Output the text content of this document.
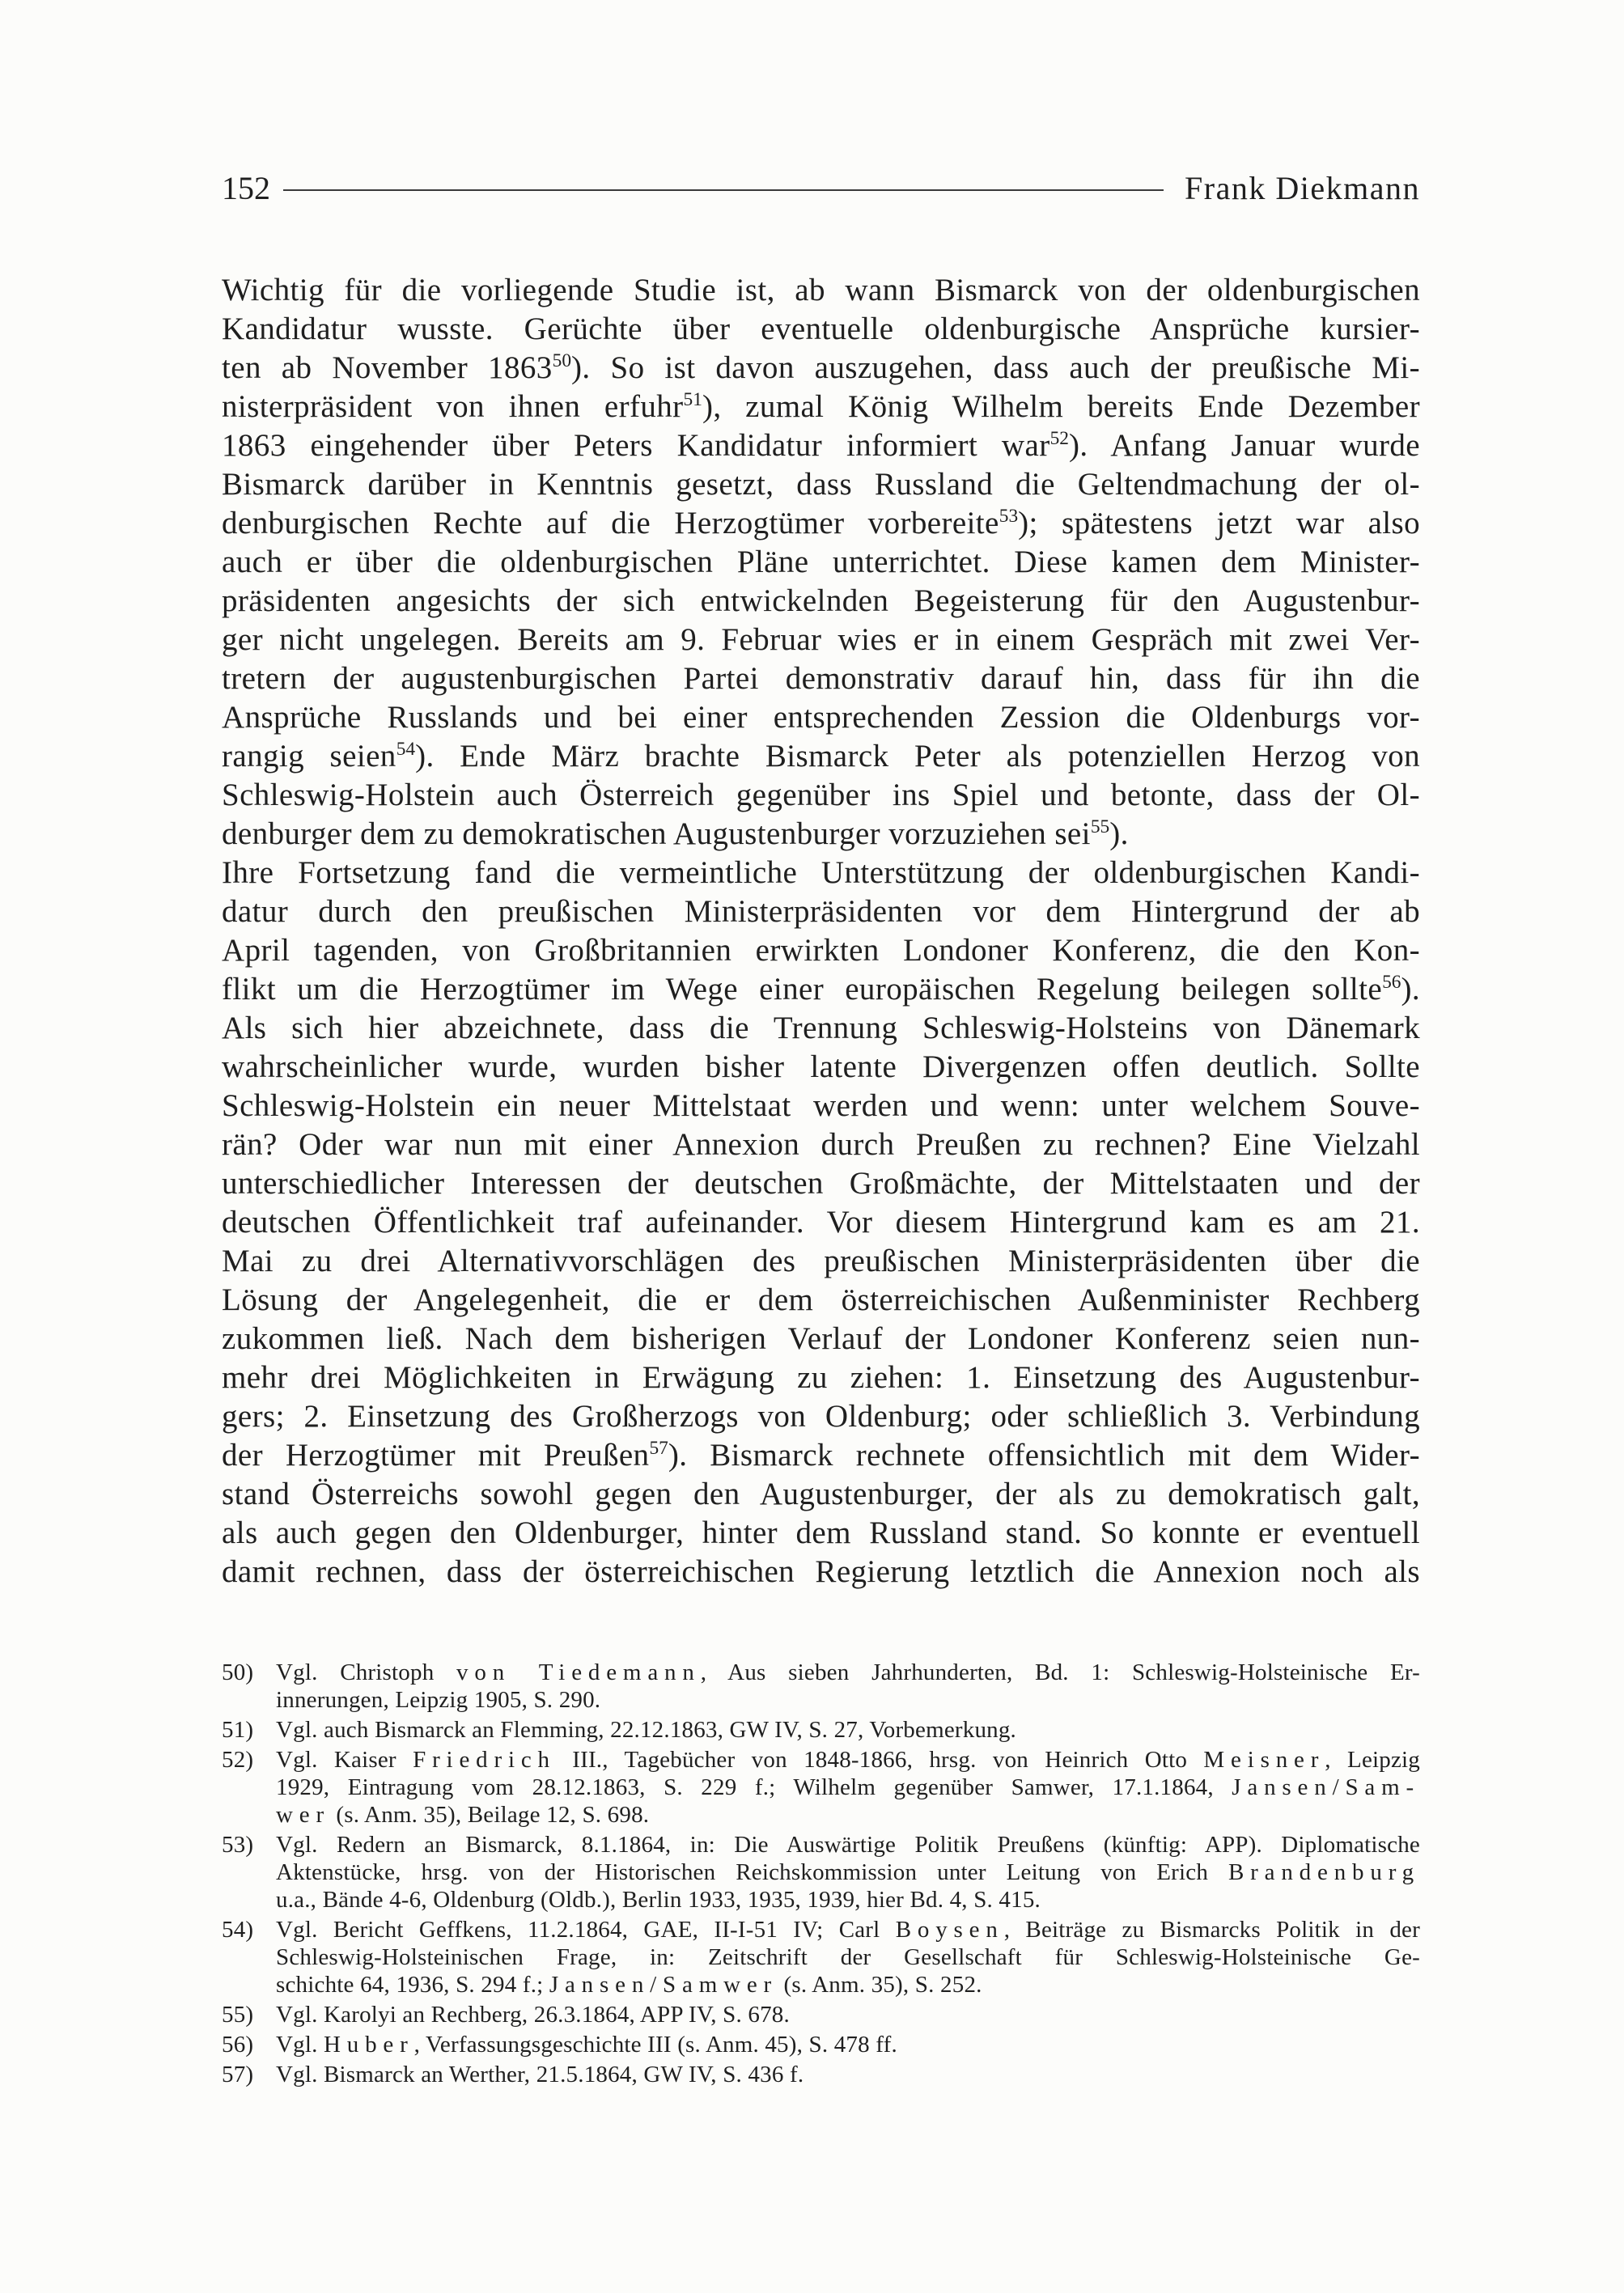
152	Frank Diekmann
Wichtig für die vorliegende Studie ist, ab wann Bismarck von der oldenburgischen
Kandidatur wusste. Gerüchte über eventuelle oldenburgische Ansprüche kursier-
ten ab November 1863$^{50}$). So ist davon auszugehen, dass auch der preußische Mi-
nisterpräsident von ihnen erfuhr$^{51}$), zumal König Wilhelm bereits Ende Dezember
1863 eingehender über Peters Kandidatur informiert war$^{52}$). Anfang Januar wurde
Bismarck darüber in Kenntnis gesetzt, dass Russland die Geltendmachung der ol-
denburgischen Rechte auf die Herzogtümer vorbereite$^{53}$); spätestens jetzt war also
auch er über die oldenburgischen Pläne unterrichtet. Diese kamen dem Minister-
präsidenten angesichts der sich entwickelnden Begeisterung für den Augustenbur-
ger nicht ungelegen. Bereits am 9. Februar wies er in einem Gespräch mit zwei Ver-
tretern der augustenburgischen Partei demonstrativ darauf hin, dass für ihn die
Ansprüche Russlands und bei einer entsprechenden Zession die Oldenburgs vor-
rangig seien$^{54}$). Ende März brachte Bismarck Peter als potenziellen Herzog von
Schleswig-Holstein auch Österreich gegenüber ins Spiel und betonte, dass der Ol-
denburger dem zu demokratischen Augustenburger vorzuziehen sei$^{55}$).
Ihre Fortsetzung fand die vermeintliche Unterstützung der oldenburgischen Kandi-
datur durch den preußischen Ministerpräsidenten vor dem Hintergrund der ab
April tagenden, von Großbritannien erwirkten Londoner Konferenz, die den Kon-
flikt um die Herzogtümer im Wege einer europäischen Regelung beilegen sollte$^{56}$).
Als sich hier abzeichnete, dass die Trennung Schleswig-Holsteins von Dänemark
wahrscheinlicher wurde, wurden bisher latente Divergenzen offen deutlich. Sollte
Schleswig-Holstein ein neuer Mittelstaat werden und wenn: unter welchem Souve-
rän? Oder war nun mit einer Annexion durch Preußen zu rechnen? Eine Vielzahl
unterschiedlicher Interessen der deutschen Großmächte, der Mittelstaaten und der
deutschen Öffentlichkeit traf aufeinander. Vor diesem Hintergrund kam es am 21.
Mai zu drei Alternativvorschlägen des preußischen Ministerpräsidenten über die
Lösung der Angelegenheit, die er dem österreichischen Außenminister Rechberg
zukommen ließ. Nach dem bisherigen Verlauf der Londoner Konferenz seien nun-
mehr drei Möglichkeiten in Erwägung zu ziehen: 1. Einsetzung des Augustenbur-
gers; 2. Einsetzung des Großherzogs von Oldenburg; oder schließlich 3. Verbindung
der Herzogtümer mit Preußen$^{57}$). Bismarck rechnete offensichtlich mit dem Wider-
stand Österreichs sowohl gegen den Augustenburger, der als zu demokratisch galt,
als auch gegen den Oldenburger, hinter dem Russland stand. So konnte er eventuell
damit rechnen, dass der österreichischen Regierung letztlich die Annexion noch als
50) Vgl. Christoph von Tiedemann, Aus sieben Jahrhunderten, Bd. 1: Schleswig-Holsteinische Er-
innerungen, Leipzig 1905, S. 290.
51) Vgl. auch Bismarck an Flemming, 22.12.1863, GW IV, S. 27, Vorbemerkung.
52) Vgl. Kaiser Friedrich III., Tagebücher von 1848-1866, hrsg. von Heinrich Otto Meisner, Leipzig
1929, Eintragung vom 28.12.1863, S. 229 f.; Wilhelm gegenüber Samwer, 17.1.1864, Jansen/Sam-
wer (s. Anm. 35), Beilage 12, S. 698.
53) Vgl. Redern an Bismarck, 8.1.1864, in: Die Auswärtige Politik Preußens (künftig: APP). Diplomatische
Aktenstücke, hrsg. von der Historischen Reichskommission unter Leitung von Erich Brandenburg
u.a., Bände 4-6, Oldenburg (Oldb.), Berlin 1933, 1935, 1939, hier Bd. 4, S. 415.
54) Vgl. Bericht Geffkens, 11.2.1864, GAE, II-I-51 IV; Carl Boysen, Beiträge zu Bismarcks Politik in der
Schleswig-Holsteinischen Frage, in: Zeitschrift der Gesellschaft für Schleswig-Holsteinische Ge-
schichte 64, 1936, S. 294 f.; Jansen/Samwer (s. Anm. 35), S. 252.
55) Vgl. Karolyi an Rechberg, 26.3.1864, APP IV, S. 678.
56) Vgl. Huber, Verfassungsgeschichte III (s. Anm. 45), S. 478 ff.
57) Vgl. Bismarck an Werther, 21.5.1864, GW IV, S. 436 f.
